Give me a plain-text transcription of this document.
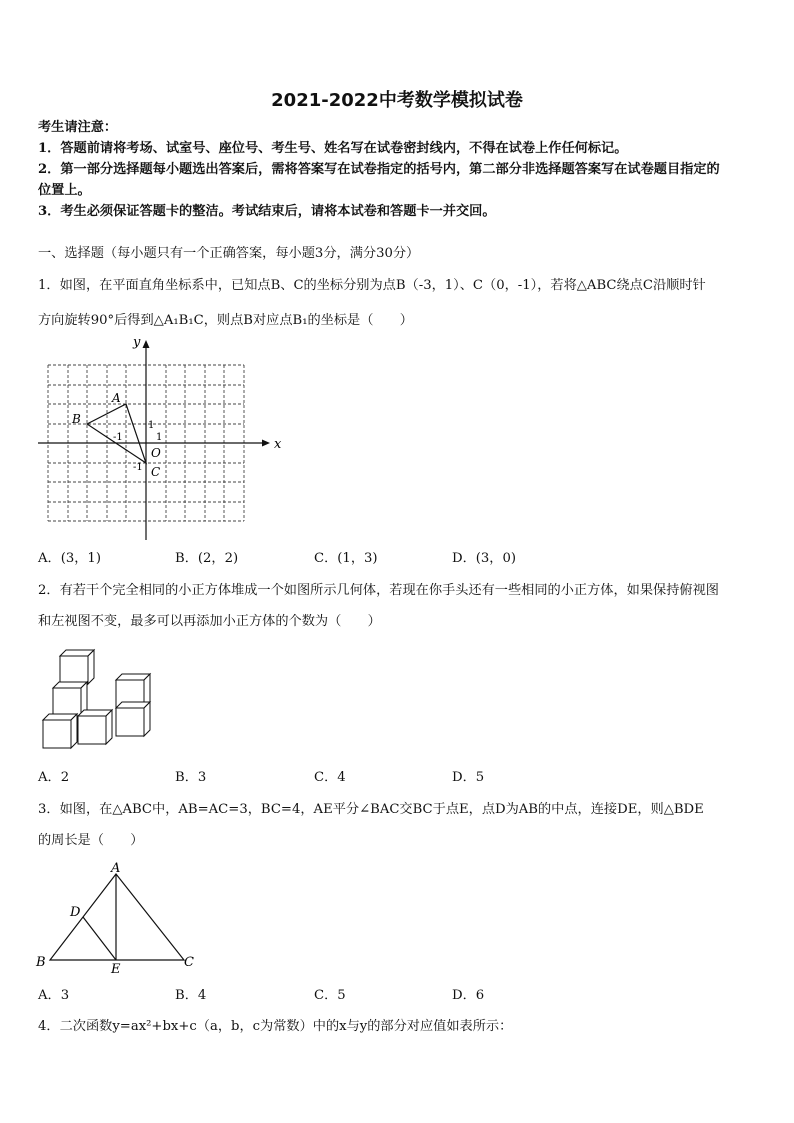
2021-2022中考数学模拟试卷
考生请注意：
1．答题前请将考场、试室号、座位号、考生号、姓名写在试卷密封线内，不得在试卷上作任何标记。
2．第一部分选择题每小题选出答案后，需将答案写在试卷指定的括号内，第二部分非选择题答案写在试卷题目指定的
位置上。
3．考生必须保证答题卡的整洁。考试结束后，请将本试卷和答题卡一并交回。
一、选择题（每小题只有一个正确答案，每小题3分，满分30分）
1．如图，在平面直角坐标系中，已知点B、C的坐标分别为点B（-3，1）、C（0，-1），若将△ABC绕点C沿顺时针
方向旋转90°后得到△A₁B₁C，则点B对应点B₁的坐标是（　　）
x
y
A
B
C
O
1
1
-1
-1
A．(3，1)	B．(2，2)	C．(1，3)	D．(3，0)
2．有若干个完全相同的小正方体堆成一个如图所示几何体，若现在你手头还有一些相同的小正方体，如果保持俯视图
和左视图不变，最多可以再添加小正方体的个数为（　　）
A．2	B．3	C．4	D．5
3．如图，在△ABC中，AB=AC=3，BC=4，AE平分∠BAC交BC于点E，点D为AB的中点，连接DE，则△BDE
的周长是（　　）
A
B	C
D
E
A．3	B．4	C．5	D．6
4．二次函数y=ax²+bx+c（a，b，c为常数）中的x与y的部分对应值如表所示：
